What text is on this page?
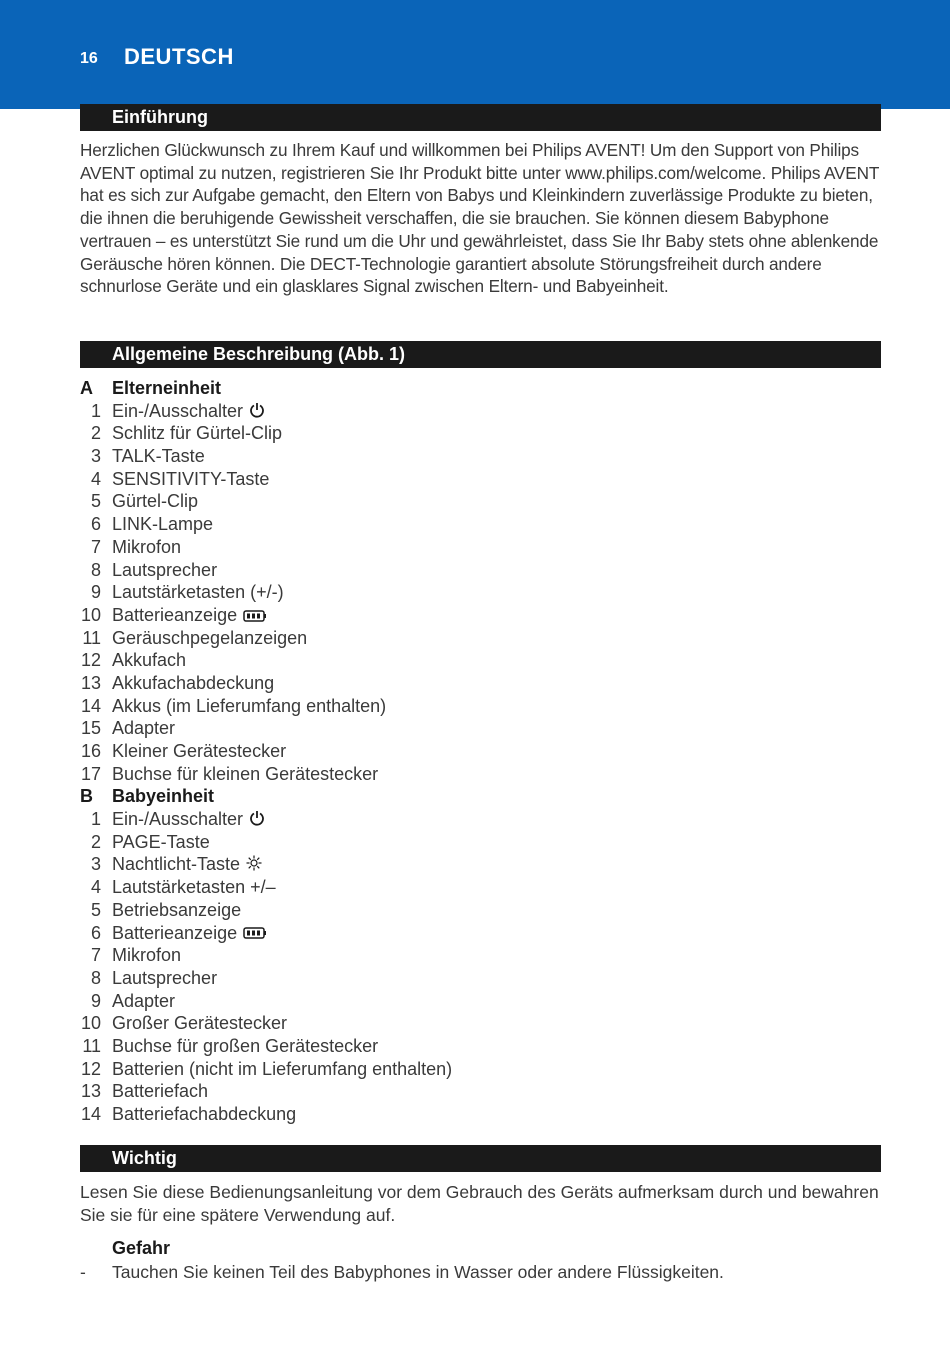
16 DEUTSCH
Einführung
Herzlichen Glückwunsch zu Ihrem Kauf und willkommen bei Philips AVENT! Um den Support von Philips AVENT optimal zu nutzen, registrieren Sie Ihr Produkt bitte unter www.philips.com/welcome. Philips AVENT hat es sich zur Aufgabe gemacht, den Eltern von Babys und Kleinkindern zuverlässige Produkte zu bieten, die ihnen die beruhigende Gewissheit verschaffen, die sie brauchen. Sie können diesem Babyphone vertrauen – es unterstützt Sie rund um die Uhr und gewährleistet, dass Sie Ihr Baby stets ohne ablenkende Geräusche hören können. Die DECT-Technologie garantiert absolute Störungsfreiheit durch andere schnurlose Geräte und ein glasklares Signal zwischen Eltern- und Babyeinheit.
Allgemeine Beschreibung (Abb. 1)
A	Elterneinheit
1 Ein-/Ausschalter
2 Schlitz für Gürtel-Clip
3 TALK-Taste
4 SENSITIVITY-Taste
5 Gürtel-Clip
6 LINK-Lampe
7 Mikrofon
8 Lautsprecher
9 Lautstärketasten (+/-)
10 Batterieanzeige
11 Geräuschpegelanzeigen
12 Akkufach
13 Akkufachabdeckung
14 Akkus (im Lieferumfang enthalten)
15 Adapter
16 Kleiner Gerätestecker
17 Buchse für kleinen Gerätestecker
B	Babyeinheit
1 Ein-/Ausschalter
2 PAGE-Taste
3 Nachtlicht-Taste
4 Lautstärketasten +/–
5 Betriebsanzeige
6 Batterieanzeige
7 Mikrofon
8 Lautsprecher
9 Adapter
10 Großer Gerätestecker
11 Buchse für großen Gerätestecker
12 Batterien (nicht im Lieferumfang enthalten)
13 Batteriefach
14 Batteriefachabdeckung
Wichtig
Lesen Sie diese Bedienungsanleitung vor dem Gebrauch des Geräts aufmerksam durch und bewahren Sie sie für eine spätere Verwendung auf.
Gefahr
- Tauchen Sie keinen Teil des Babyphones in Wasser oder andere Flüssigkeiten.
